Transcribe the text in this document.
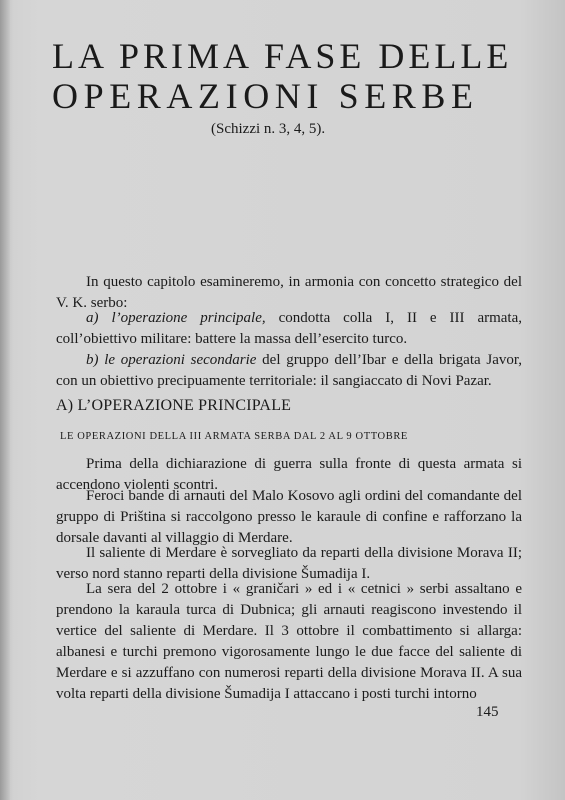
LA PRIMA FASE DELLE
OPERAZIONI SERBE
(Schizzi n. 3, 4, 5).

In questo capitolo esamineremo, in armonia con concetto strategico del V. K. serbo:

a) l’operazione principale, condotta colla I, II e III armata, coll’obiettivo militare: battere la massa dell’esercito turco.

b) le operazioni secondarie del gruppo dell’Ibar e della brigata Javor, con un obiettivo precipuamente territoriale: il sangiaccato di Novi Pazar.

A) L’OPERAZIONE PRINCIPALE
LE OPERAZIONI DELLA III ARMATA SERBA DAL 2 AL 9 OTTOBRE

Prima della dichiarazione di guerra sulla fronte di questa armata si accendono violenti scontri.

Feroci bande di arnauti del Malo Kosovo agli ordini del comandante del gruppo di Priština si raccolgono presso le karaule di confine e rafforzano la dorsale davanti al villaggio di Merdare.

Il saliente di Merdare è sorvegliato da reparti della divisione Morava II; verso nord stanno reparti della divisione Šumadija I.

La sera del 2 ottobre i « graničari » ed i « cetnici » serbi assaltano e prendono la karaula turca di Dubnica; gli arnauti reagiscono investendo il vertice del saliente di Merdare. Il 3 ottobre il combattimento si allarga: albanesi e turchi premono vigorosamente lungo le due facce del saliente di Merdare e si azzuffano con numerosi reparti della divisione Morava II. A sua volta reparti della divisione Šumadija I attaccano i posti turchi intorno

145
